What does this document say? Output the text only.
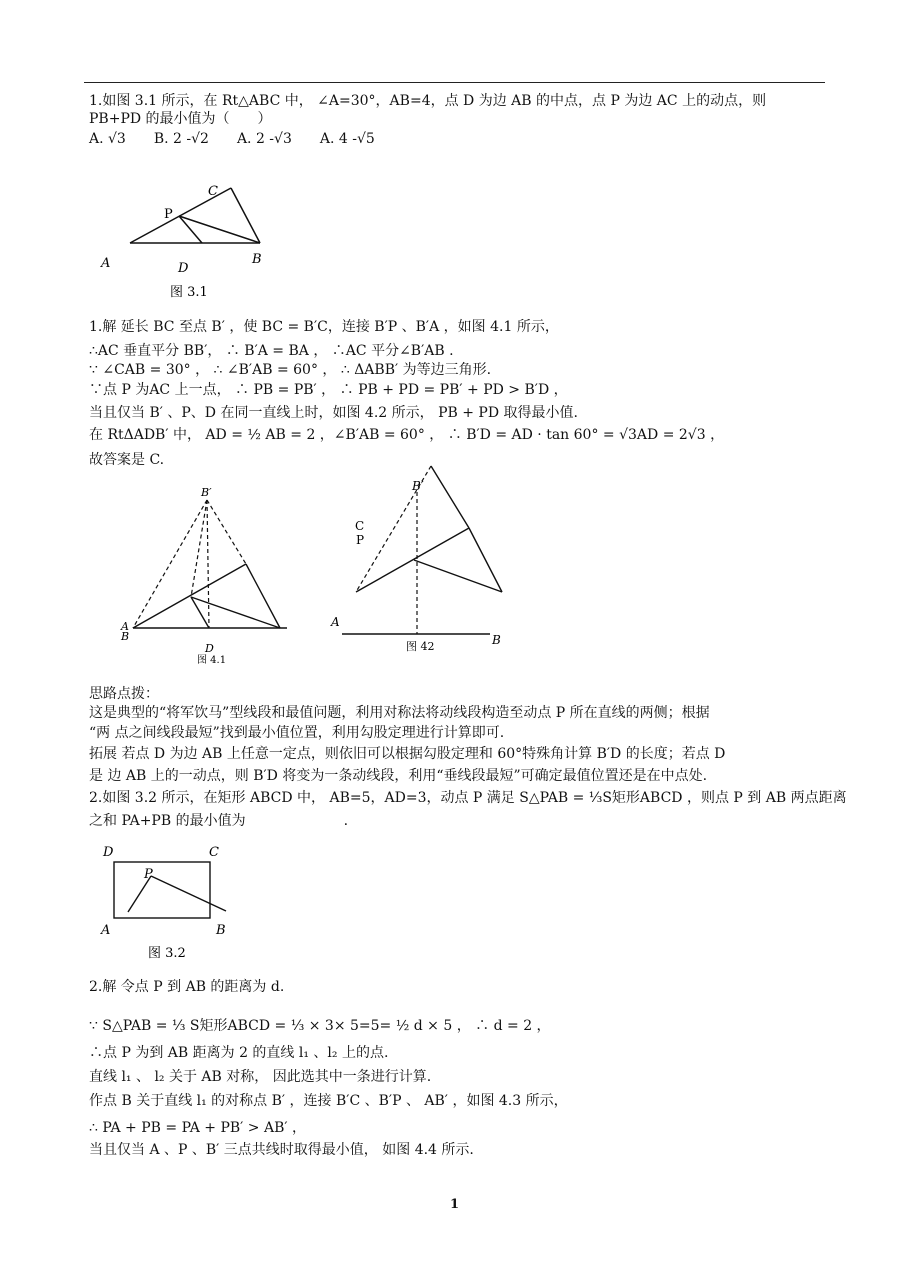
1.如图 3.1 所示，在 Rt△ABC 中， ∠A=30°，AB=4，点 D 为边 AB 的中点，点 P 为边 AC 上的动点，则
PB+PD 的最小值为（　　）
A. √3　　B. 2 -√2　　A. 2 -√3　　A. 4 -√5
A	B
C
P
D
图 3.1
1.解 延长 BC 至点 B′ ，使 BC = B′C，连接 B′P 、B′A ，如图 4.1 所示，
∴AC 垂直平分 BB′， ∴ B′A = BA ， ∴AC 平分∠B′AB .
∵ ∠CAB = 30° ， ∴ ∠B′AB = 60° ， ∴ ΔABB′ 为等边三角形.
∵点 P 为AC 上一点， ∴ PB = PB′ ， ∴ PB + PD = PB′ + PD > B′D ，
当且仅当 B′ 、P、D 在同一直线上时，如图 4.2 所示， PB + PD 取得最小值.
在 RtΔADB′ 中， AD = ½ AB = 2 ，∠B′AB = 60° ， ∴ B′D = AD · tan 60° = √3AD = 2√3 ，
故答案是 C.
B′
A
B
D
图 4.1
B′
C
P
A
B
图 42
思路点拨：
这是典型的“将军饮马”型线段和最值问题，利用对称法将动线段构造至动点 P 所在直线的两侧；根据
“两 点之间线段最短”找到最小值位置，利用勾股定理进行计算即可.
拓展 若点 D 为边 AB 上任意一定点，则依旧可以根据勾股定理和 60°特殊角计算 B′D 的长度；若点 D
是 边 AB 上的一动点，则 B′D 将变为一条动线段，利用“垂线段最短”可确定最值位置还是在中点处.
2.如图 3.2 所示，在矩形 ABCD 中， AB=5，AD=3，动点 P 满足 S△PAB = ⅓S矩形ABCD ，则点 P 到 AB 两点距离
之和 PA+PB 的最小值为　　　　　　　.
D	C
P
A	B
图 3.2
2.解 令点 P 到 AB 的距离为 d.
∵ S△PAB = ⅓ S矩形ABCD = ⅓ × 3× 5=5= ½ d × 5 ， ∴ d = 2 ，
∴点 P 为到 AB 距离为 2 的直线 l₁ 、l₂ 上的点.
直线 l₁ 、 l₂ 关于 AB 对称， 因此选其中一条进行计算.
作点 B 关于直线 l₁ 的对称点 B′ ，连接 B′C 、B′P 、 AB′ ，如图 4.3 所示，
∴ PA + PB = PA + PB′ > AB′ ，
当且仅当 A 、P 、B′ 三点共线时取得最小值， 如图 4.4 所示.
1
